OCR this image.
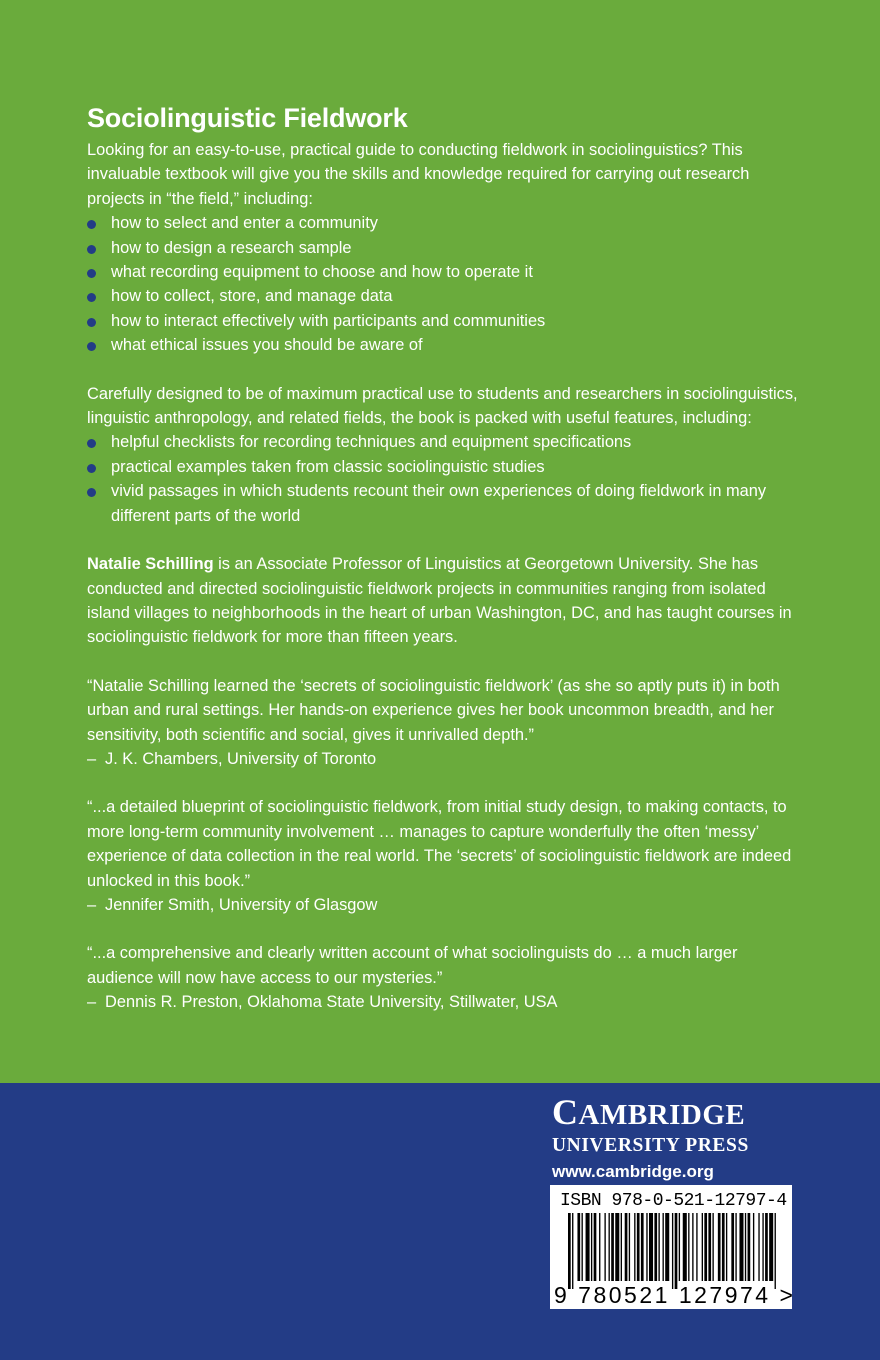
Sociolinguistic Fieldwork

Looking for an easy-to-use, practical guide to conducting fieldwork in sociolinguistics? This invaluable textbook will give you the skills and knowledge required for carrying out research projects in “the field,” including:

how to select and enter a community
how to design a research sample
what recording equipment to choose and how to operate it
how to collect, store, and manage data
how to interact effectively with participants and communities
what ethical issues you should be aware of

Carefully designed to be of maximum practical use to students and researchers in sociolinguistics, linguistic anthropology, and related fields, the book is packed with useful features, including:

helpful checklists for recording techniques and equipment specifications
practical examples taken from classic sociolinguistic studies
vivid passages in which students recount their own experiences of doing fieldwork in many different parts of the world

Natalie Schilling is an Associate Professor of Linguistics at Georgetown University. She has conducted and directed sociolinguistic fieldwork projects in communities ranging from isolated island villages to neighborhoods in the heart of urban Washington, DC, and has taught courses in sociolinguistic fieldwork for more than fifteen years.

“Natalie Schilling learned the ‘secrets of sociolinguistic fieldwork’ (as she so aptly puts it) in both urban and rural settings. Her hands-on experience gives her book uncommon breadth, and her sensitivity, both scientific and social, gives it unrivalled depth.”

– J. K. Chambers, University of Toronto

“...a detailed blueprint of sociolinguistic fieldwork, from initial study design, to making contacts, to more long-term community involvement … manages to capture wonderfully the often ‘messy’ experience of data collection in the real world. The ‘secrets’ of sociolinguistic fieldwork are indeed unlocked in this book.”

– Jennifer Smith, University of Glasgow

“...a comprehensive and clearly written account of what sociolinguists do … a much larger audience will now have access to our mysteries.”

– Dennis R. Preston, Oklahoma State University, Stillwater, USA

CAMBRIDGE
UNIVERSITY PRESS
www.cambridge.org
ISBN 978-0-521-12797-4
9 780521 127974 >
